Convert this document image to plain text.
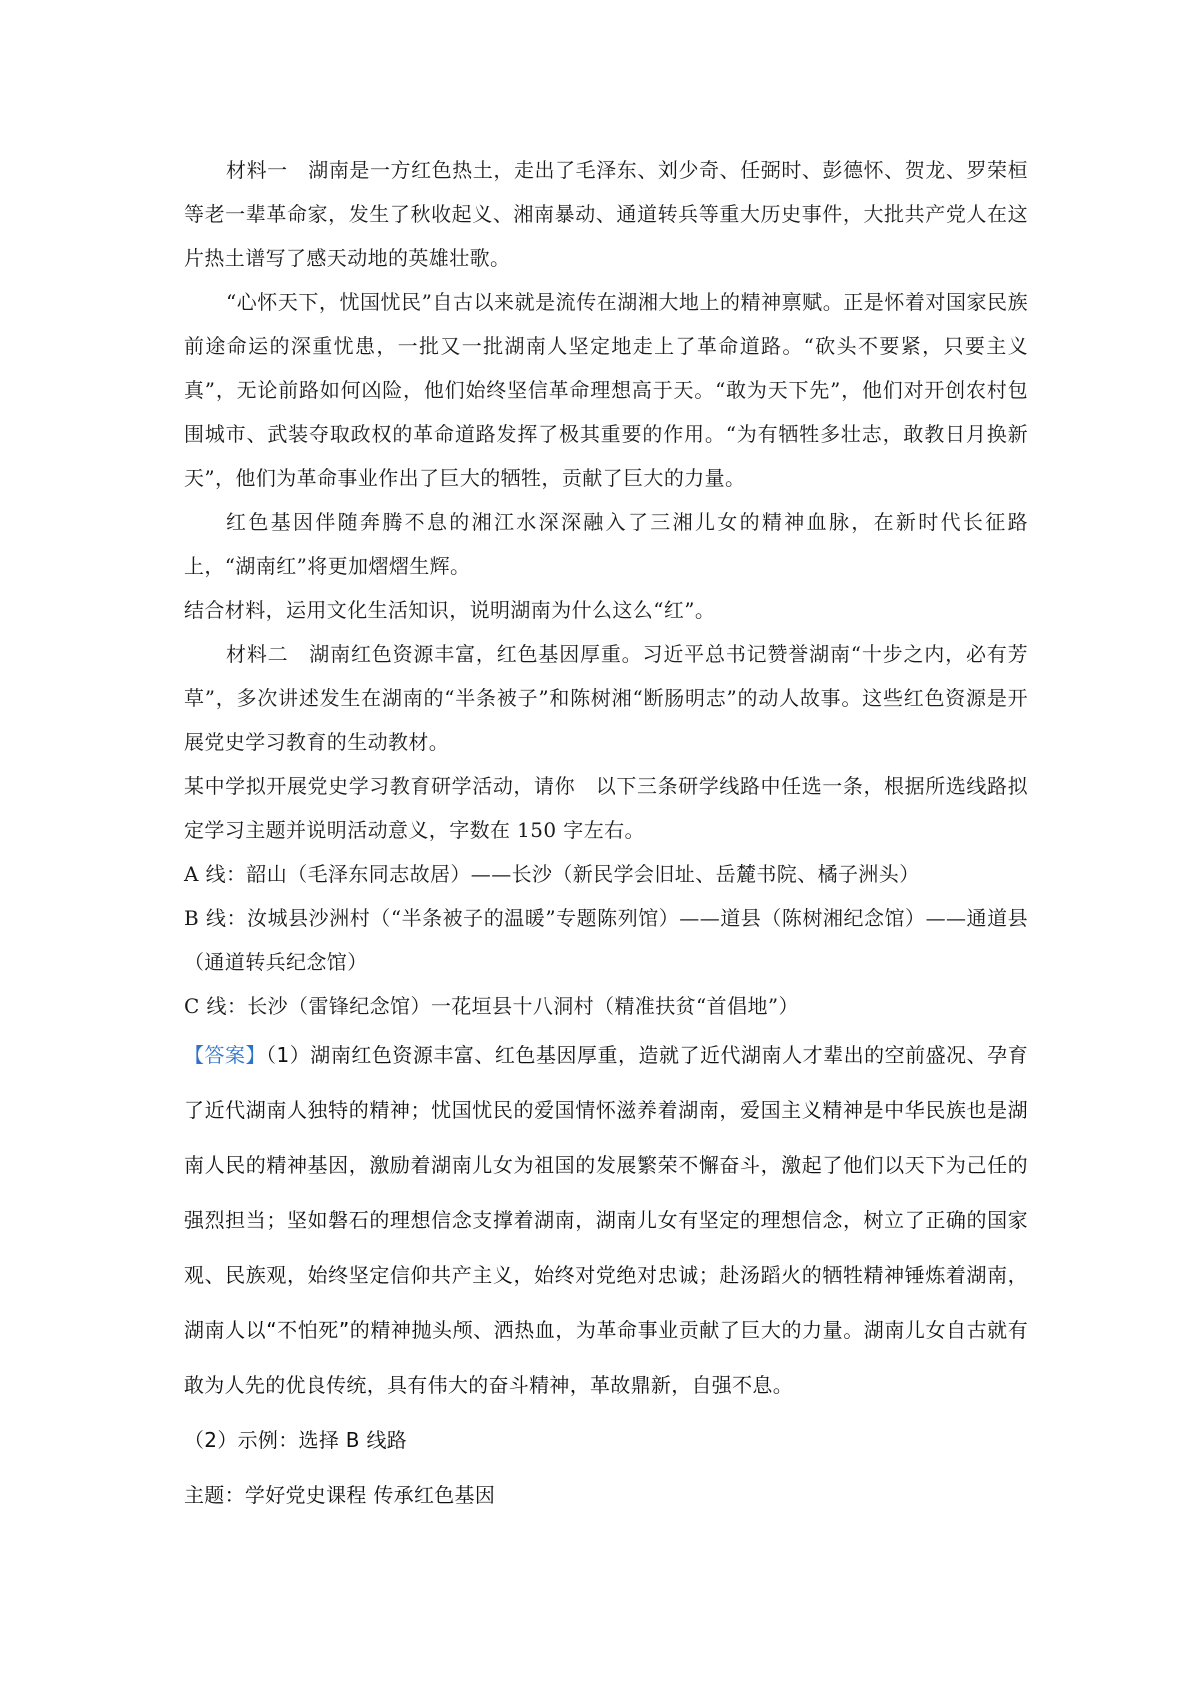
材料一　湖南是一方红色热土，走出了毛泽东、刘少奇、任弼时、彭德怀、贺龙、罗荣桓等老一辈革命家，发生了秋收起义、湘南暴动、通道转兵等重大历史事件，大批共产党人在这片热土谱写了感天动地的英雄壮歌。

“心怀天下，忧国忧民”自古以来就是流传在湖湘大地上的精神禀赋。正是怀着对国家民族前途命运的深重忧患，一批又一批湖南人坚定地走上了革命道路。“砍头不要紧，只要主义真”，无论前路如何凶险，他们始终坚信革命理想高于天。“敢为天下先”，他们对开创农村包围城市、武装夺取政权的革命道路发挥了极其重要的作用。“为有牺牲多壮志，敢教日月换新天”，他们为革命事业作出了巨大的牺牲，贡献了巨大的力量。

红色基因伴随奔腾不息的湘江水深深融入了三湘儿女的精神血脉，在新时代长征路上，“湖南红”将更加熠熠生辉。

结合材料，运用文化生活知识，说明湖南为什么这么“红”。

材料二　湖南红色资源丰富，红色基因厚重。习近平总书记赞誉湖南“十步之内，必有芳草”，多次讲述发生在湖南的“半条被子”和陈树湘“断肠明志”的动人故事。这些红色资源是开展党史学习教育的生动教材。

某中学拟开展党史学习教育研学活动，请你　以下三条研学线路中任选一条，根据所选线路拟定学习主题并说明活动意义，字数在 150 字左右。

A 线：韶山（毛泽东同志故居）——长沙（新民学会旧址、岳麓书院、橘子洲头）

B 线：汝城县沙洲村（“半条被子的温暖”专题陈列馆）——道县（陈树湘纪念馆）——通道县（通道转兵纪念馆）

C 线：长沙（雷锋纪念馆）一花垣县十八洞村（精准扶贫“首倡地”）

【答案】（1）湖南红色资源丰富、红色基因厚重，造就了近代湖南人才辈出的空前盛况、孕育了近代湖南人独特的精神；忧国忧民的爱国情怀滋养着湖南，爱国主义精神是中华民族也是湖南人民的精神基因，激励着湖南儿女为祖国的发展繁荣不懈奋斗，激起了他们以天下为己任的强烈担当；坚如磐石的理想信念支撑着湖南，湖南儿女有坚定的理想信念，树立了正确的国家观、民族观，始终坚定信仰共产主义，始终对党绝对忠诚；赴汤蹈火的牺牲精神锤炼着湖南，湖南人以“不怕死”的精神抛头颅、洒热血，为革命事业贡献了巨大的力量。湖南儿女自古就有敢为人先的优良传统，具有伟大的奋斗精神，革故鼎新，自强不息。

（2）示例：选择 B 线路

主题：学好党史课程 传承红色基因
